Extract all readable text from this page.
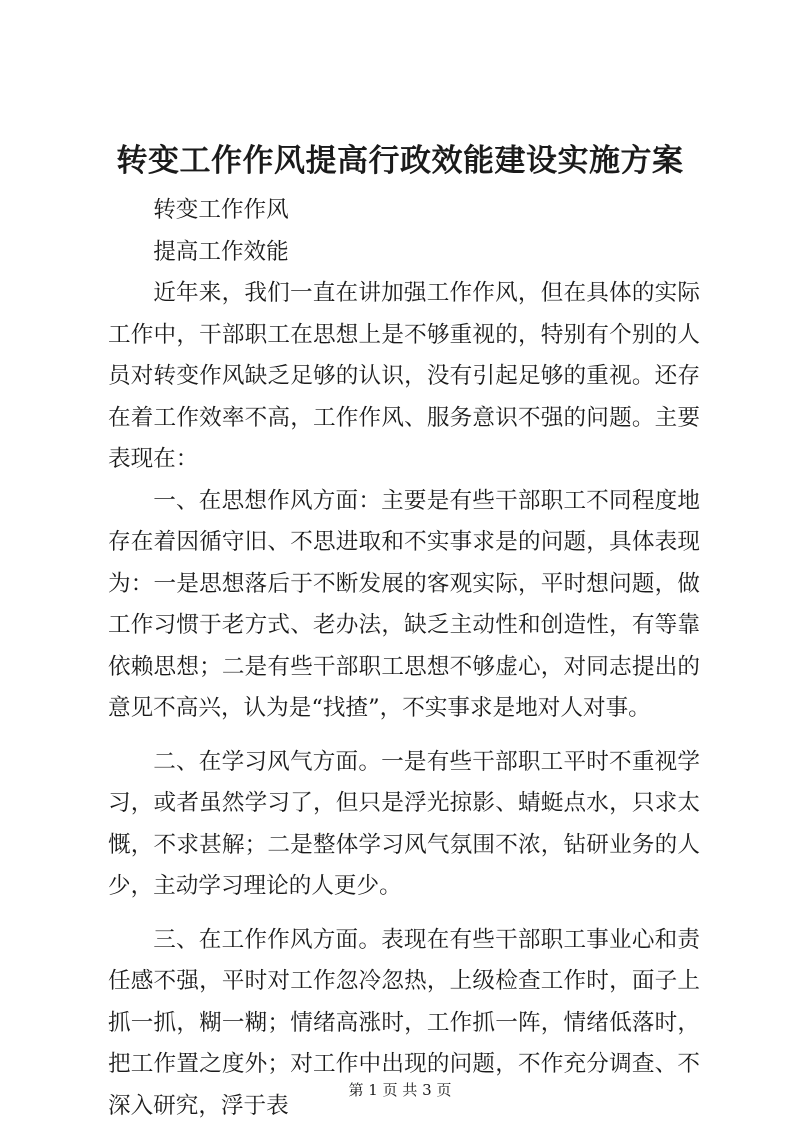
转变工作作风提高行政效能建设实施方案

转变工作作风

提高工作效能

近年来，我们一直在讲加强工作作风，但在具体的实际工作中，干部职工在思想上是不够重视的，特别有个别的人员对转变作风缺乏足够的认识，没有引起足够的重视。还存在着工作效率不高，工作作风、服务意识不强的问题。主要表现在：

一、在思想作风方面：主要是有些干部职工不同程度地存在着因循守旧、不思进取和不实事求是的问题，具体表现为：一是思想落后于不断发展的客观实际，平时想问题，做工作习惯于老方式、老办法，缺乏主动性和创造性，有等靠依赖思想；二是有些干部职工思想不够虚心，对同志提出的意见不高兴，认为是“找揸”，不实事求是地对人对事。

二、在学习风气方面。一是有些干部职工平时不重视学习，或者虽然学习了，但只是浮光掠影、蜻蜓点水，只求太慨，不求甚解；二是整体学习风气氛围不浓，钻研业务的人少，主动学习理论的人更少。

三、在工作作风方面。表现在有些干部职工事业心和责任感不强，平时对工作忽冷忽热，上级检查工作时，面子上抓一抓，糊一糊；情绪高涨时，工作抓一阵，情绪低落时，把工作置之度外；对工作中出现的问题，不作充分调查、不深入研究，浮于表

第 1 页 共 3 页
